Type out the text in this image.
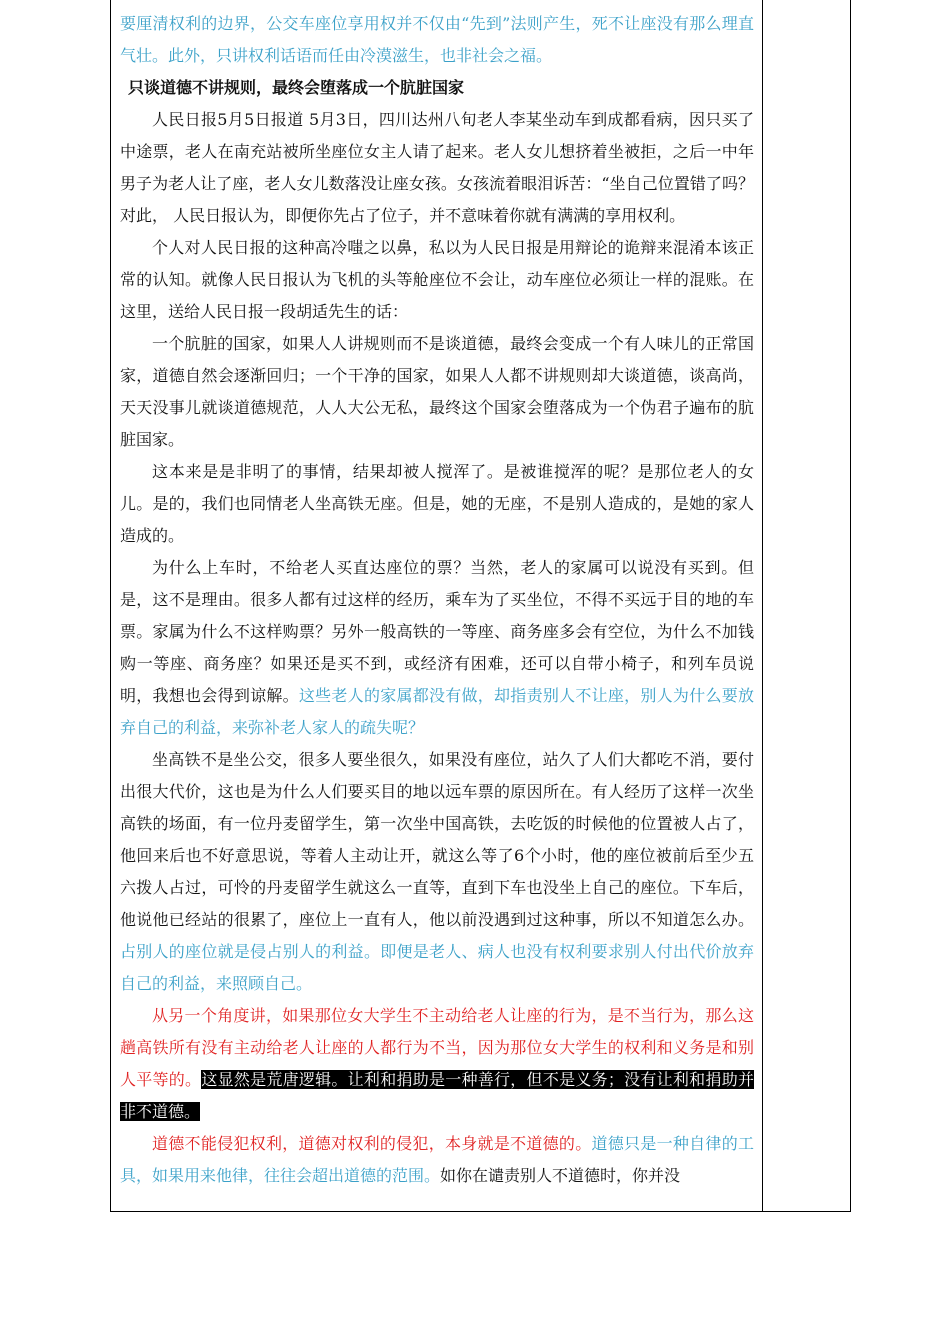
要厘清权利的边界，公交车座位享用权并不仅由“先到”法则产生，死不让座没有那么理直气壮。此外，只讲权利话语而任由冷漠滋生，也非社会之福。

只谈道德不讲规则，最终会堕落成一个肮脏国家

人民日报5月5日报道 5月3日，四川达州八旬老人李某坐动车到成都看病，因只买了中途票，老人在南充站被所坐座位女主人请了起来。老人女儿想挤着坐被拒，之后一中年男子为老人让了座，老人女儿数落没让座女孩。女孩流着眼泪诉苦：“坐自己位置错了吗？对此， 人民日报认为，即便你先占了位子，并不意味着你就有满满的享用权利。

个人对人民日报的这种高冷嗤之以鼻，私以为人民日报是用辩论的诡辩来混淆本该正常的认知。就像人民日报认为飞机的头等舱座位不会让，动车座位必须让一样的混账。在这里，送给人民日报一段胡适先生的话：

一个肮脏的国家，如果人人讲规则而不是谈道德，最终会变成一个有人味儿的正常国家，道德自然会逐渐回归；一个干净的国家，如果人人都不讲规则却大谈道德，谈高尚，天天没事儿就谈道德规范，人人大公无私，最终这个国家会堕落成为一个伪君子遍布的肮脏国家。

这本来是是非明了的事情，结果却被人搅浑了。是被谁搅浑的呢？是那位老人的女儿。是的，我们也同情老人坐高铁无座。但是，她的无座，不是别人造成的，是她的家人造成的。

为什么上车时，不给老人买直达座位的票？当然，老人的家属可以说没有买到。但是，这不是理由。很多人都有过这样的经历，乘车为了买坐位，不得不买远于目的地的车票。家属为什么不这样购票？另外一般高铁的一等座、商务座多会有空位，为什么不加钱购一等座、商务座？如果还是买不到，或经济有困难，还可以自带小椅子，和列车员说明，我想也会得到谅解。这些老人的家属都没有做，却指责别人不让座，别人为什么要放弃自己的利益，来弥补老人家人的疏失呢？

坐高铁不是坐公交，很多人要坐很久，如果没有座位，站久了人们大都吃不消，要付出很大代价，这也是为什么人们要买目的地以远车票的原因所在。有人经历了这样一次坐高铁的场面，有一位丹麦留学生，第一次坐中国高铁，去吃饭的时候他的位置被人占了，他回来后也不好意思说，等着人主动让开，就这么等了6个小时，他的座位被前后至少五六拨人占过，可怜的丹麦留学生就这么一直等，直到下车也没坐上自己的座位。下车后，他说他已经站的很累了，座位上一直有人，他以前没遇到过这种事，所以不知道怎么办。占别人的座位就是侵占别人的利益。即便是老人、病人也没有权利要求别人付出代价放弃自己的利益，来照顾自己。

从另一个角度讲，如果那位女大学生不主动给老人让座的行为，是不当行为，那么这趟高铁所有没有主动给老人让座的人都行为不当，因为那位女大学生的权利和义务是和别人平等的。这显然是荒唐逻辑。让利和捐助是一种善行，但不是义务；没有让利和捐助并非不道德。

道德不能侵犯权利，道德对权利的侵犯，本身就是不道德的。道德只是一种自律的工具，如果用来他律，往往会超出道德的范围。如你在谴责别人不道德时，你并没
